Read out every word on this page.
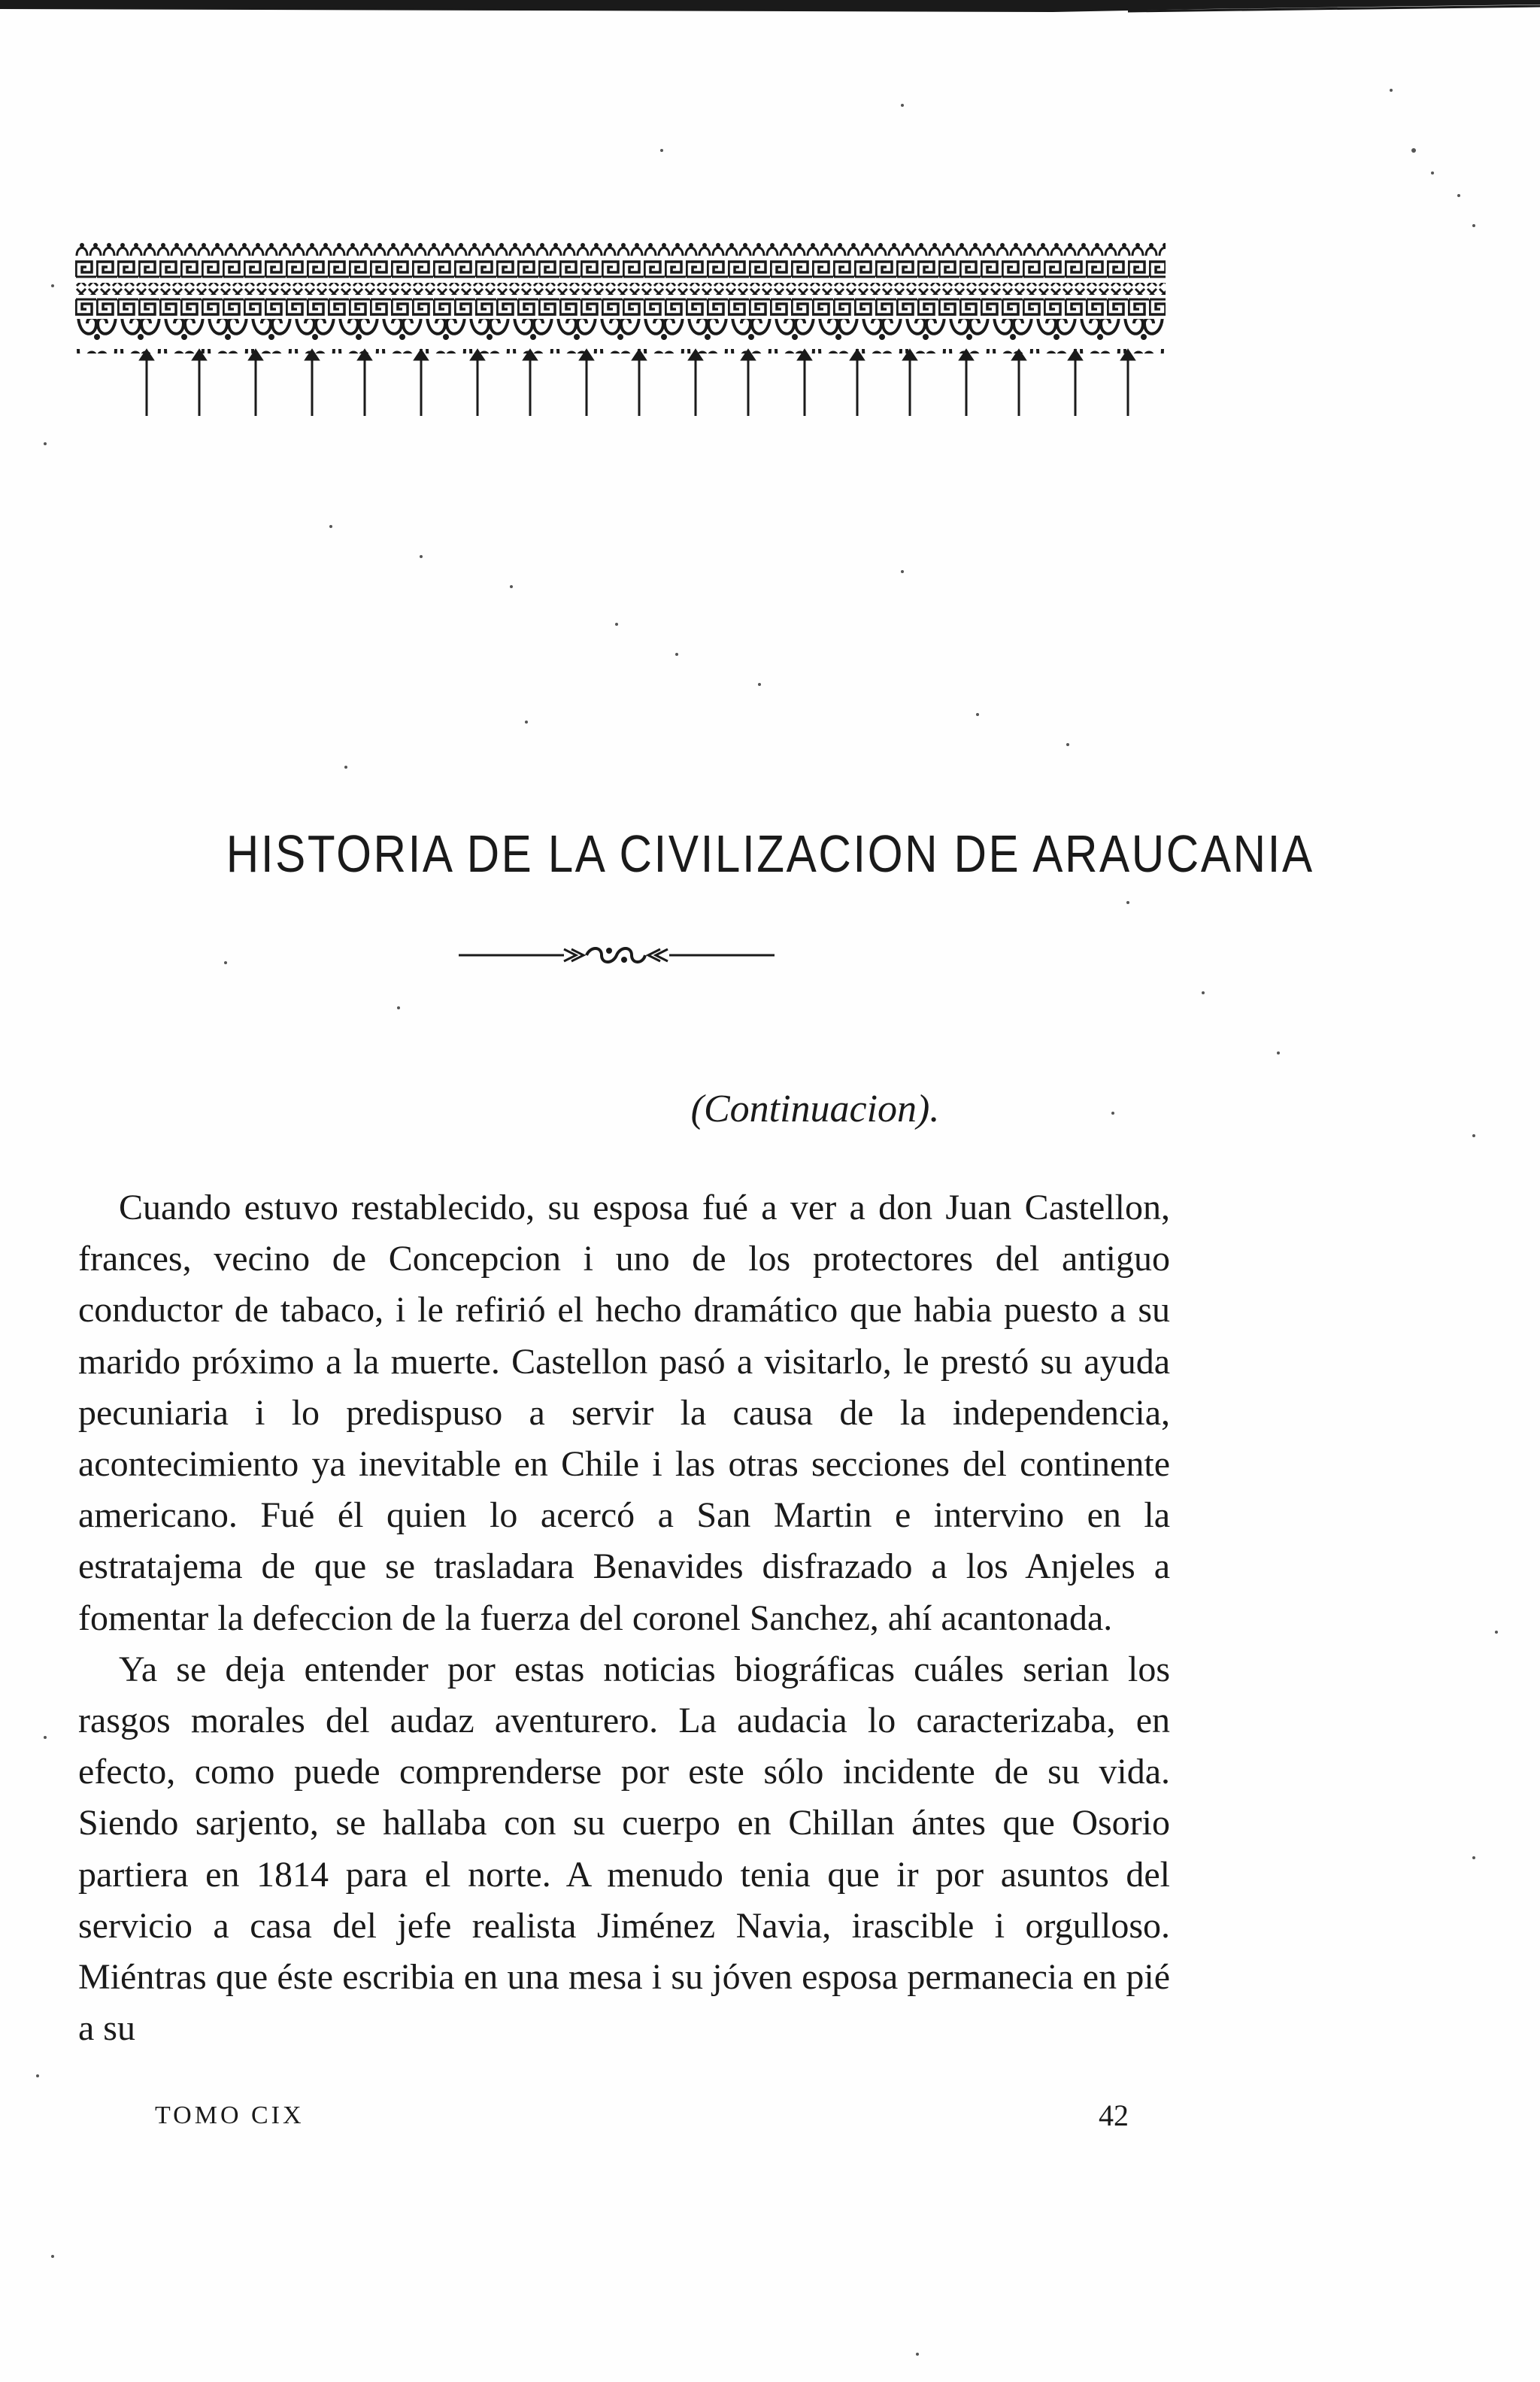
HISTORIA DE LA CIVILIZACION DE ARAUCANIA
(Continuacion).

Cuando estuvo restablecido, su esposa fué a ver a don Juan Castellon, frances, vecino de Concepcion i uno de los protectores del antiguo conductor de tabaco, i le refirió el hecho dramático que habia puesto a su marido próximo a la muerte. Castellon pasó a visitarlo, le prestó su ayuda pecuniaria i lo predispuso a servir la causa de la independencia, acontecimiento ya inevitable en Chile i las otras secciones del continente americano. Fué él quien lo acercó a San Martin e intervino en la estratajema de que se trasladara Benavides disfrazado a los Anjeles a fomentar la defeccion de la fuerza del coronel Sanchez, ahí acantonada.

Ya se deja entender por estas noticias biográficas cuáles serian los rasgos morales del audaz aventurero. La audacia lo caracterizaba, en efecto, como puede comprenderse por este sólo incidente de su vida. Siendo sarjento, se hallaba con su cuerpo en Chillan ántes que Osorio partiera en 1814 para el norte. A menudo tenia que ir por asuntos del servicio a casa del jefe realista Jiménez Navia, irascible i orgulloso. Miéntras que éste escribia en una mesa i su jóven esposa permanecia en pié a su

TOMO CIX	42
